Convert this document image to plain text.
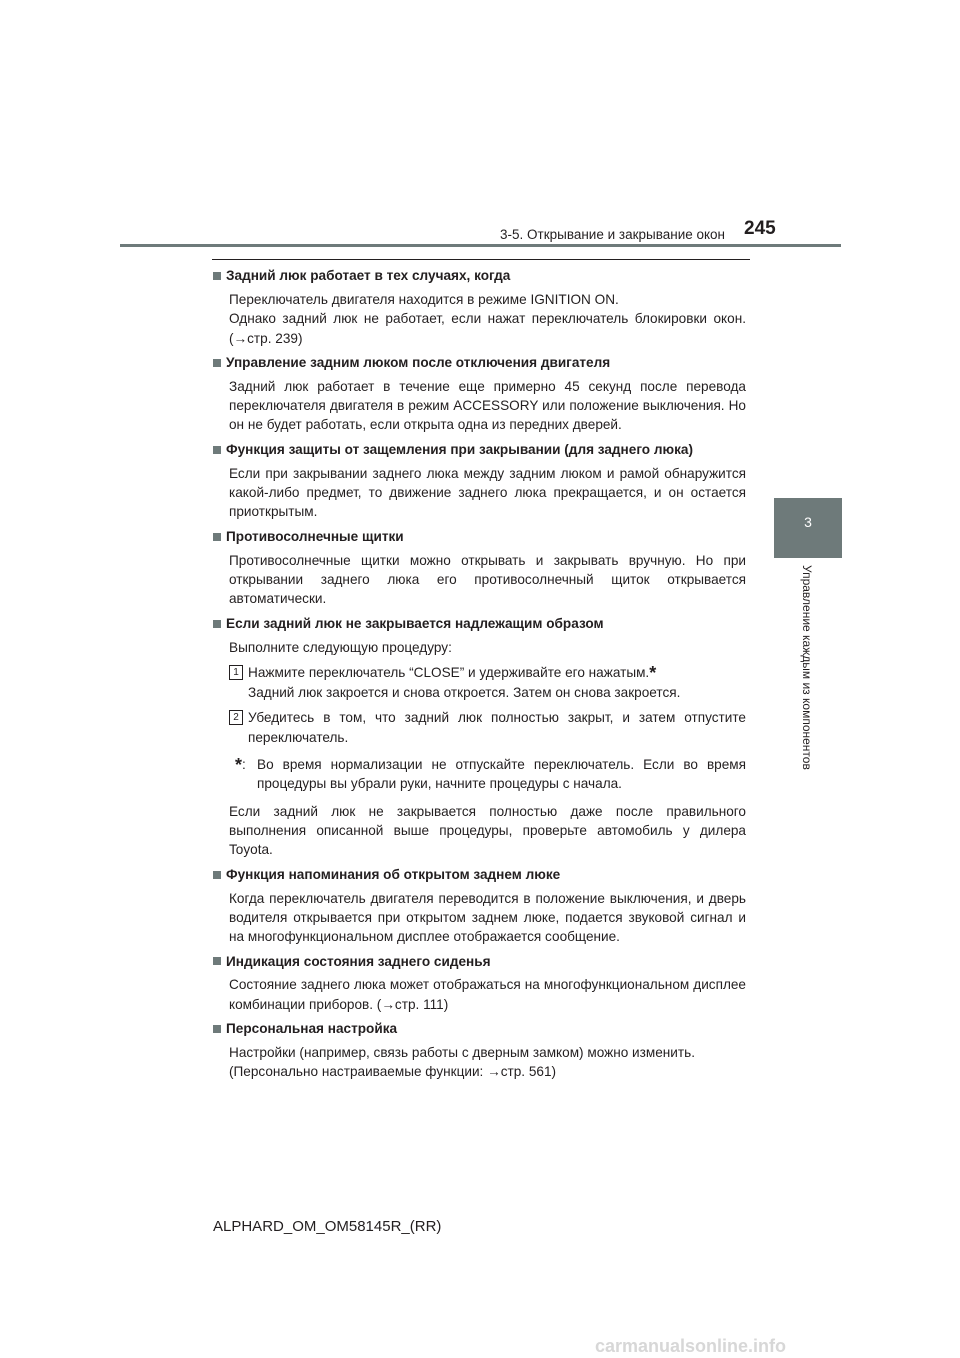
3-5. Открывание и закрывание окон 245
3
Управление каждым из компонентов
Задний люк работает в тех случаях, когда

Переключатель двигателя находится в режиме IGNITION ON.

Однако задний люк не работает, если нажат переключатель блокировки окон. (→стр. 239)

Управление задним люком после отключения двигателя

Задний люк работает в течение еще примерно 45 секунд после перевода переключателя двигателя в режим ACCESSORY или положение выключения. Но он не будет работать, если открыта одна из передних дверей.

Функция защиты от защемления при закрывании (для заднего люка)

Если при закрывании заднего люка между задним люком и рамой обнаружится какой-либо предмет, то движение заднего люка прекращается, и он остается приоткрытым.

Противосолнечные щитки

Противосолнечные щитки можно открывать и закрывать вручную. Но при открывании заднего люка его противосолнечный щиток открывается автоматически.

Если задний люк не закрывается надлежащим образом

Выполните следующую процедуру:

1 Нажмите переключатель “CLOSE” и удерживайте его нажатым.*
Задний люк закроется и снова откроется. Затем он снова закроется.
2 Убедитесь в том, что задний люк полностью закрыт, и затем отпустите переключатель.
*: Во время нормализации не отпускайте переключатель. Если во время процедуры вы убрали руки, начните процедуры с начала.

Если задний люк не закрывается полностью даже после правильного выполнения описанной выше процедуры, проверьте автомобиль у дилера Toyota.

Функция напоминания об открытом заднем люке

Когда переключатель двигателя переводится в положение выключения, и дверь водителя открывается при открытом заднем люке, подается звуковой сигнал и на многофункциональном дисплее отображается сообщение.

Индикация состояния заднего сиденья

Состояние заднего люка может отображаться на многофункциональном дисплее комбинации приборов. (→стр. 111)

Персональная настройка

Настройки (например, связь работы с дверным замком) можно изменить.

(Персонально настраиваемые функции: →стр. 561)

ALPHARD_OM_OM58145R_(RR)
carmanualsonline.info
